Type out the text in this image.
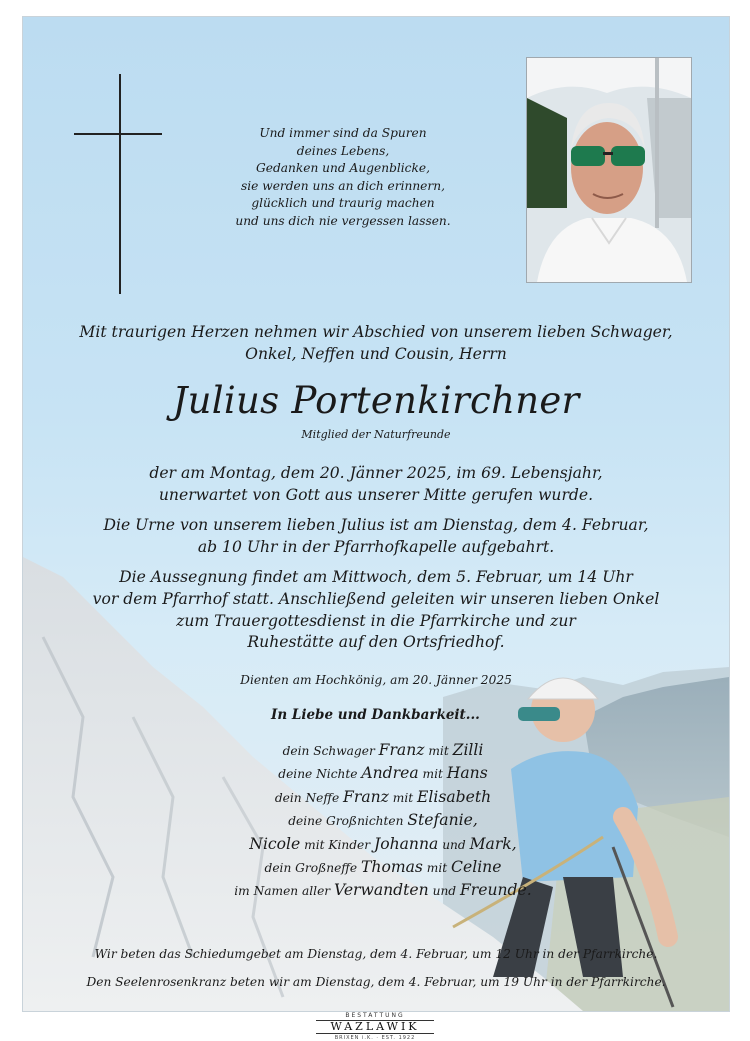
Und immer sind da Spuren
deines Lebens,
Gedanken und Augenblicke,
sie werden uns an dich erinnern,
glücklich und traurig machen
und uns dich nie vergessen lassen.
Mit traurigen Herzen nehmen wir Abschied von unserem lieben Schwager,
Onkel, Neffen und Cousin, Herrn
Julius Portenkirchner
Mitglied der Naturfreunde
der am Montag, dem 20. Jänner 2025, im 69. Lebensjahr,
unerwartet von Gott aus unserer Mitte gerufen wurde.
Die Urne von unserem lieben Julius ist am Dienstag, dem 4. Februar,
ab 10 Uhr in der Pfarrhofkapelle aufgebahrt.
Die Aussegnung findet am Mittwoch, dem 5. Februar, um 14 Uhr
vor dem Pfarrhof statt. Anschließend geleiten wir unseren lieben Onkel
zum Trauergottesdienst in die Pfarrkirche und zur
Ruhestätte auf den Ortsfriedhof.
Dienten am Hochkönig, am 20. Jänner 2025
In Liebe und Dankbarkeit...
dein Schwager Franz mit Zilli
deine Nichte Andrea mit Hans
dein Neffe Franz mit Elisabeth
deine Großnichten Stefanie,
Nicole mit Kinder Johanna und Mark,
dein Großneffe Thomas mit Celine
im Namen aller Verwandten und Freunde.
Wir beten das Schiedumgebet am Dienstag, dem 4. Februar, um 12 Uhr in der Pfarrkirche.
Den Seelenrosenkranz beten wir am Dienstag, dem 4. Februar, um 19 Uhr in der Pfarrkirche.
BESTATTUNG
WAZLAWIK
BRIXEN i.K. · EST. 1922
